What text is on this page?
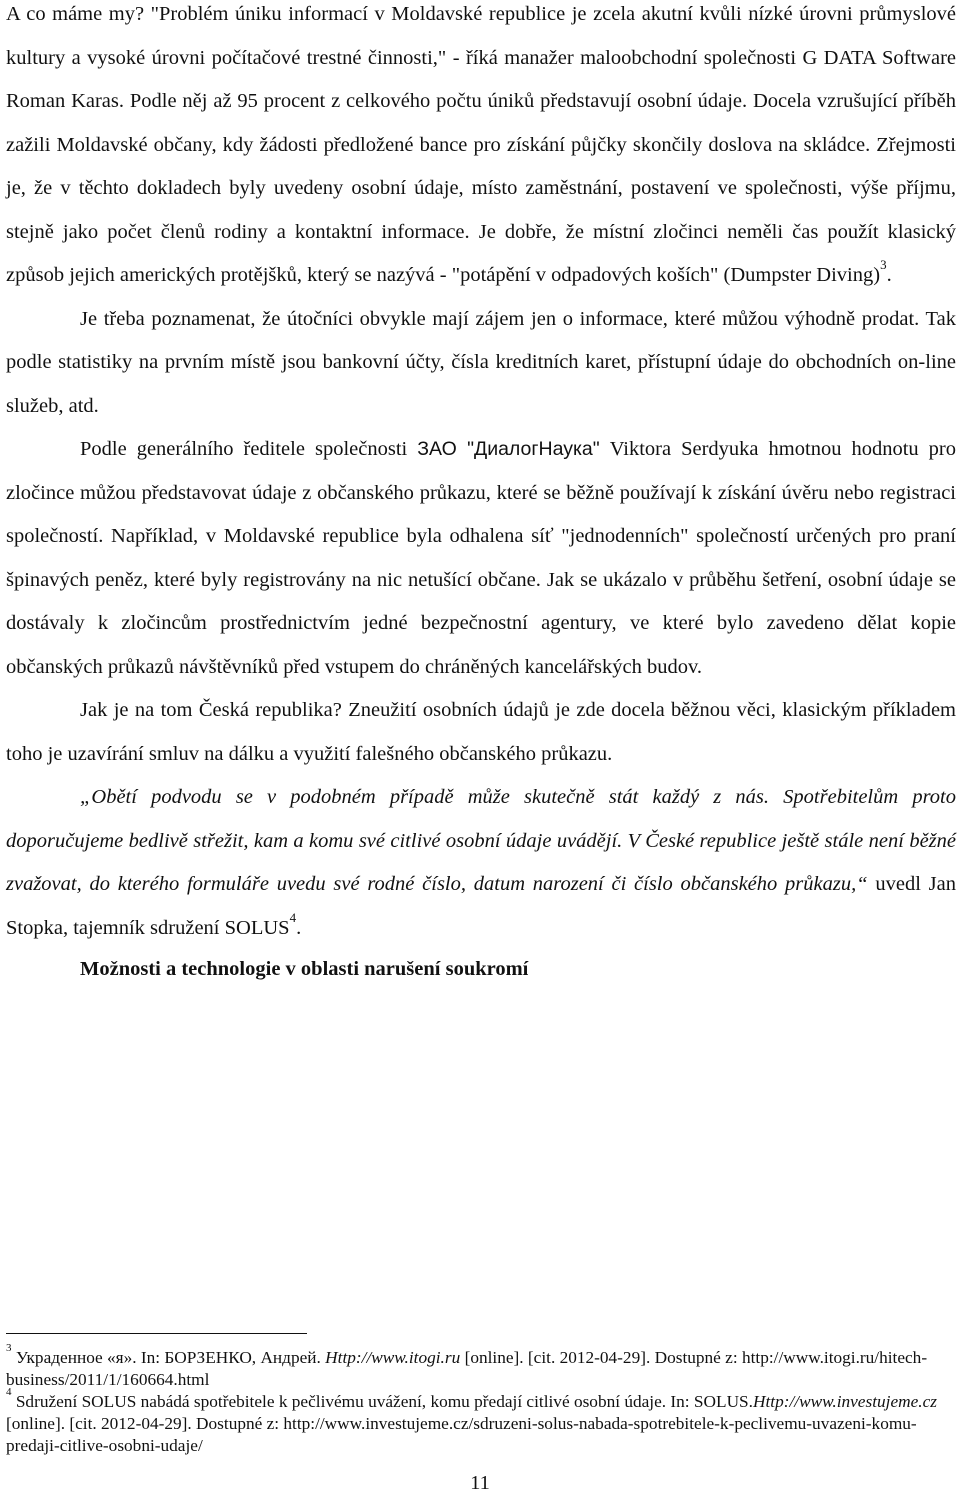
A co máme my? "Problém úniku informací v Moldavské republice je zcela akutní kvůli nízké úrovni průmyslové kultury a vysoké úrovni počítačové trestné činnosti," - říká manažer maloobchodní společnosti G DATA Software Roman Karas. Podle něj až 95 procent z celkového počtu úniků představují osobní údaje. Docela vzrušující příběh zažili Moldavské občany, kdy žádosti předložené bance pro získání půjčky skončily doslova na skládce. Zřejmosti je, že v těchto dokladech byly uvedeny osobní údaje, místo zaměstnání, postavení ve společnosti, výše příjmu, stejně jako počet členů rodiny a kontaktní informace. Je dobře, že místní zločinci neměli čas použít klasický způsob jejich amerických protějšků, který se nazývá - "potápění v odpadových koších" (Dumpster Diving)$^3$.

Je třeba poznamenat, že útočníci obvykle mají zájem jen o informace, které můžou výhodně prodat. Tak podle statistiky na prvním místě jsou bankovní účty, čísla kreditních karet, přístupní údaje do obchodních on-line služeb, atd.

Podle generálního ředitele společnosti ЗАО "ДиалогНаука" Viktora Serdyuka hmotnou hodnotu pro zločince můžou představovat údaje z občanského průkazu, které se běžně používají k získání úvěru nebo registraci společností. Například, v Moldavské republice byla odhalena síť "jednodenních" společností určených pro praní špinavých peněz, které byly registrovány na nic netušící občane. Jak se ukázalo v průběhu šetření, osobní údaje se dostávaly k zločincům prostřednictvím jedné bezpečnostní agentury, ve které bylo zavedeno dělat kopie občanských průkazů návštěvníků před vstupem do chráněných kancelářských budov.

Jak je na tom Česká republika? Zneužití osobních údajů je zde docela běžnou věci, klasickým příkladem toho je uzavírání smluv na dálku a využití falešného občanského průkazu.

„Obětí podvodu se v podobném případě může skutečně stát každý z nás. Spotřebitelům proto doporučujeme bedlivě střežit, kam a komu své citlivé osobní údaje uvádějí. V České republice ještě stále není běžné zvažovat, do kterého formuláře uvedu své rodné číslo, datum narození či číslo občanského průkazu,“ uvedl Jan Stopka, tajemník sdružení SOLUS$^4$.

Možnosti a technologie v oblasti narušení soukromí

$^3$ Украденное «я». In: БОРЗЕНКО, Андрей. Http://www.itogi.ru [online]. [cit. 2012-04-29]. Dostupné z: http://www.itogi.ru/hitech-business/2011/1/160664.html

$^4$ Sdružení SOLUS nabádá spotřebitele k pečlivému uvážení, komu předají citlivé osobní údaje. In: SOLUS.Http://www.investujeme.cz [online]. [cit. 2012-04-29]. Dostupné z: http://www.investujeme.cz/sdruzeni-solus-nabada-spotrebitele-k-peclivemu-uvazeni-komu-predaji-citlive-osobni-udaje/

11
